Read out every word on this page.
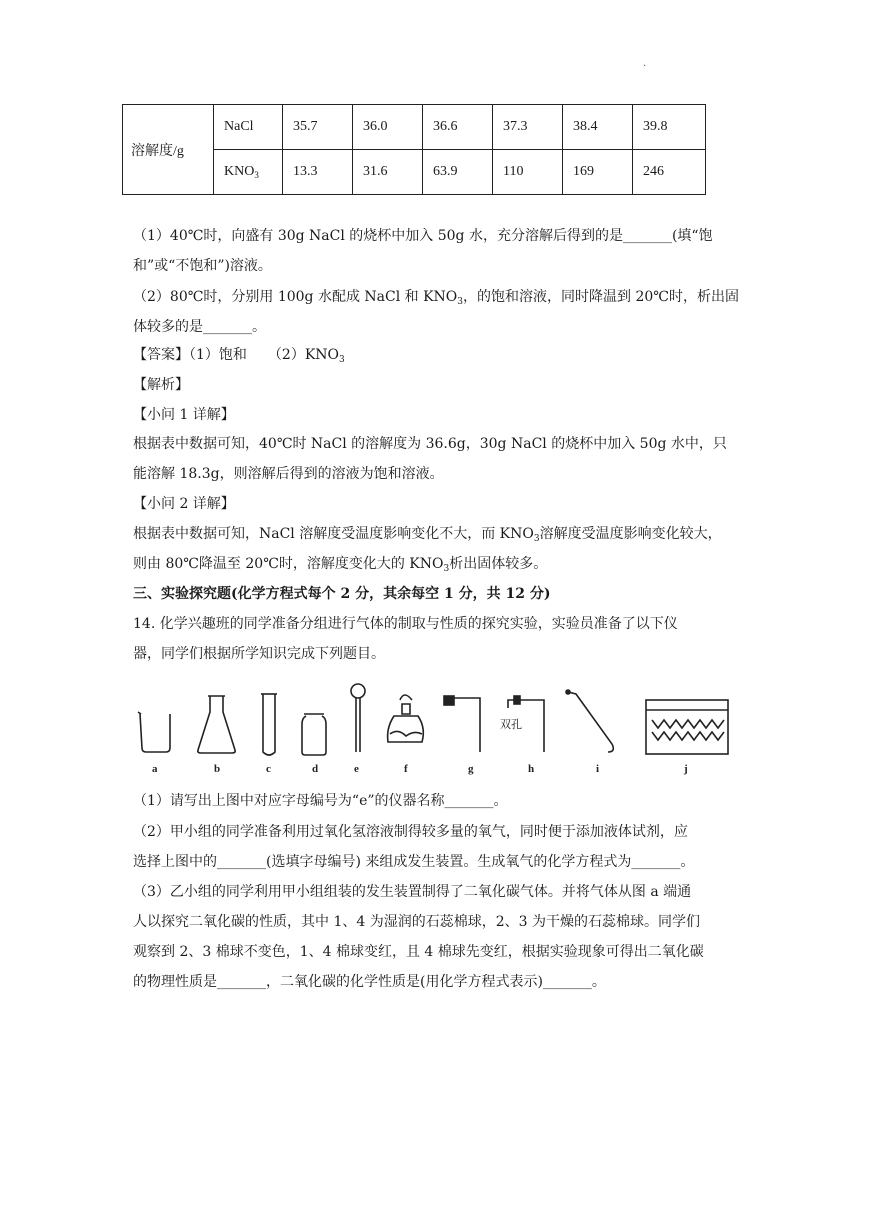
.
溶解度/g	NaCl	35.7	36.0	36.6	37.3	38.4	39.8
	$KNO_3$	13.3	31.6	63.9	110	169	246
（1）40℃时，向盛有 30g NaCl 的烧杯中加入 50g 水，充分溶解后得到的是_______(填“饱
和”或“不饱和”)溶液。
（2）80℃时，分别用 100g 水配成 NaCl 和 $KNO_3$，的饱和溶液，同时降温到 20℃时，析出固
体较多的是_______。
【答案】（1）饱和　　$(2)KNO_3$
【解析】
【小问 1 详解】
根据表中数据可知，40℃时 NaCl 的溶解度为 36.6g，30g NaCl 的烧杯中加入 50g 水中，只
能溶解 18.3g，则溶解后得到的溶液为饱和溶液。
【小问 2 详解】
根据表中数据可知，NaCl 溶解度受温度影响变化不大，而 $KNO_3$溶解度受温度影响变化较大，
则由 80℃降温至 20℃时，溶解度变化大的 $KNO_3$析出固体较多。
三、实验探究题(化学方程式每个 2 分，其余每空 1 分，共 12 分)
14. 化学兴趣班的同学准备分组进行气体的制取与性质的探究实验，实验员准备了以下仪
器，同学们根据所学知识完成下列题目。
双孔
a	b	c	d	e	f	g	h	i	j
（1）请写出上图中对应字母编号为“e”的仪器名称_______。
（2）甲小组的同学准备利用过氧化氢溶液制得较多量的氧气，同时便于添加液体试剂，应
选择上图中的_______(选填字母编号) 来组成发生装置。生成氧气的化学方程式为_______。
（3）乙小组的同学利用甲小组组装的发生装置制得了二氧化碳气体。并将气体从图 a 端通
人以探究二氧化碳的性质，其中 1、4 为湿润的石蕊棉球，2、3 为干燥的石蕊棉球。同学们
观察到 2、3 棉球不变色，1、4 棉球变红，且 4 棉球先变红，根据实验现象可得出二氧化碳
的物理性质是_______，二氧化碳的化学性质是(用化学方程式表示)_______。
